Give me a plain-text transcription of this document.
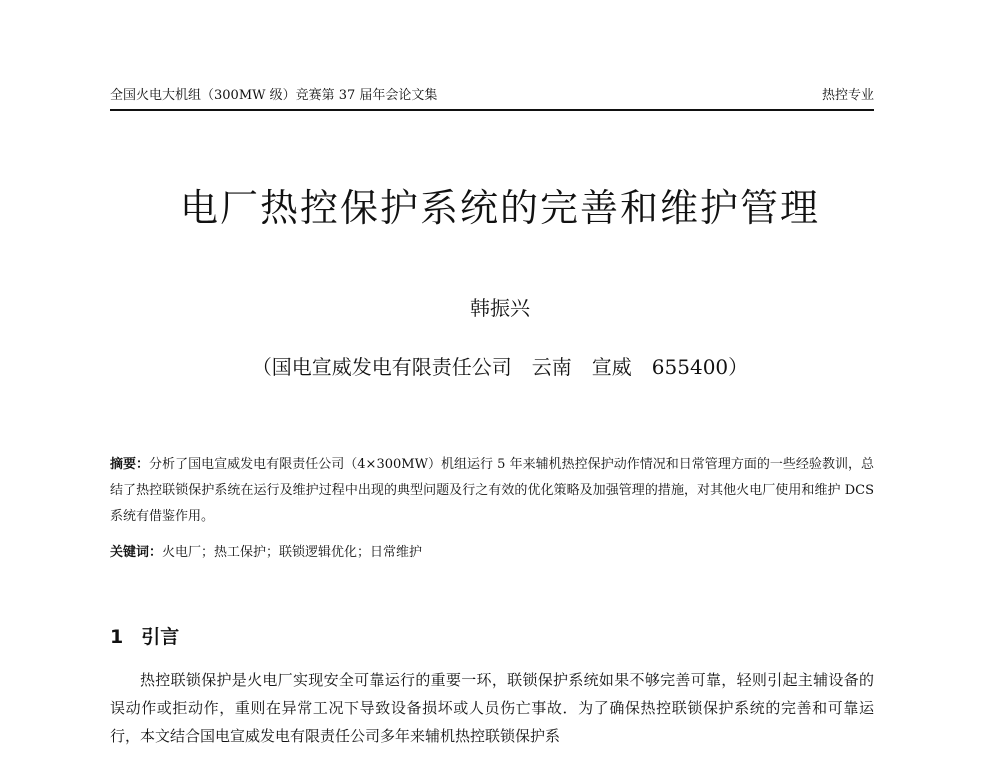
全国火电大机组（300MW 级）竞赛第 37 届年会论文集	热控专业
电厂热控保护系统的完善和维护管理
韩振兴
（国电宣威发电有限责任公司　云南　宣威　655400）
摘要：分析了国电宣威发电有限责任公司（4×300MW）机组运行 5 年来辅机热控保护动作情况和日常管理方面的一些经验教训，总结了热控联锁保护系统在运行及维护过程中出现的典型问题及行之有效的优化策略及加强管理的措施，对其他火电厂使用和维护 DCS 系统有借鉴作用。
关键词：火电厂；热工保护；联锁逻辑优化；日常维护
1 引言
热控联锁保护是火电厂实现安全可靠运行的重要一环，联锁保护系统如果不够完善可靠，轻则引起主辅设备的误动作或拒动作，重则在异常工况下导致设备损坏或人员伤亡事故．为了确保热控联锁保护系统的完善和可靠运行，本文结合国电宣威发电有限责任公司多年来辅机热控联锁保护系
